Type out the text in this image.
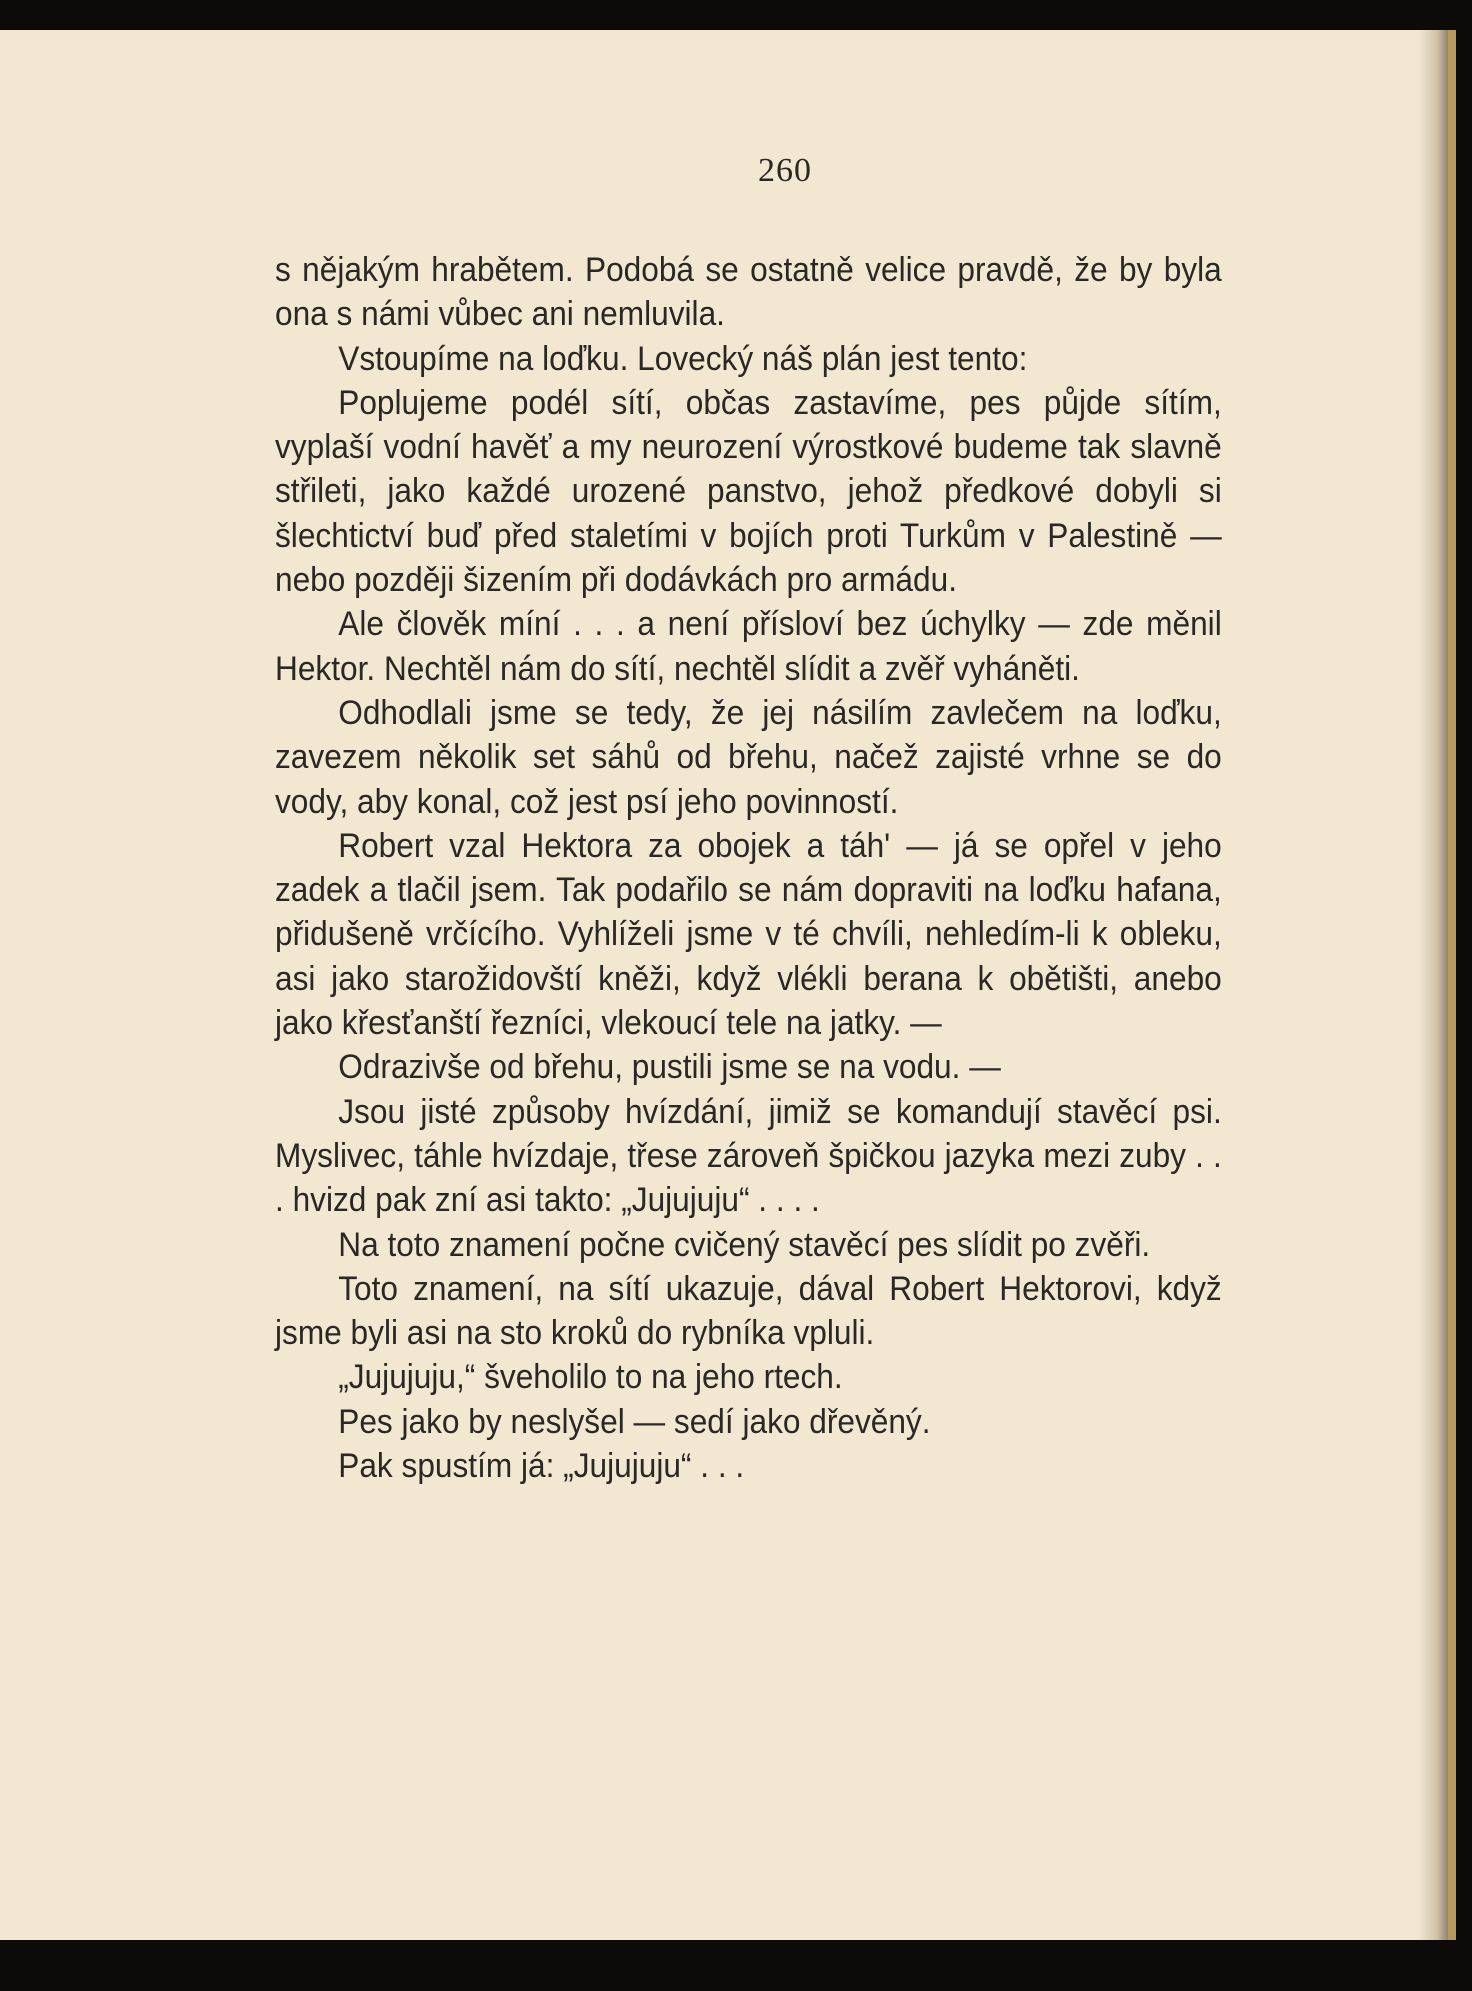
260

s nějakým hrabětem. Podobá se ostatně velice pravdě, že by byla ona s námi vůbec ani nemluvila.

Vstoupíme na loďku. Lovecký náš plán jest tento:

Poplujeme podél sítí, občas zastavíme, pes půjde sítím, vyplaší vodní havěť a my neurození výrostkové budeme tak slavně střileti, jako každé urozené panstvo, jehož předkové dobyli si šlechtictví buď před staletími v bojích proti Turkům v Palestině — nebo později šizením při dodávkách pro armádu.

Ale člověk míní . . . a není přísloví bez úchylky — zde měnil Hektor. Nechtěl nám do sítí, nechtěl slídit a zvěř vyháněti.

Odhodlali jsme se tedy, že jej násilím zavlečem na loďku, zavezem několik set sáhů od břehu, načež zajisté vrhne se do vody, aby konal, což jest psí jeho povinností.

Robert vzal Hektora za obojek a táh' — já se opřel v jeho zadek a tlačil jsem. Tak podařilo se nám dopraviti na loďku hafana, přidušeně vrčícího. Vyhlíželi jsme v té chvíli, nehledím-li k obleku, asi jako starožidovští kněži, když vlékli berana k obětišti, anebo jako křesťanští řezníci, vlekoucí tele na jatky. —

Odrazivše od břehu, pustili jsme se na vodu. —

Jsou jisté způsoby hvízdání, jimiž se komandují stavěcí psi. Myslivec, táhle hvízdaje, třese zároveň špičkou jazyka mezi zuby . . . hvizd pak zní asi takto: „Jujujuju“ . . . .

Na toto znamení počne cvičený stavěcí pes slídit po zvěři.

Toto znamení, na sítí ukazuje, dával Robert Hektorovi, když jsme byli asi na sto kroků do rybníka vpluli.

„Jujujuju,“ šveholilo to na jeho rtech.

Pes jako by neslyšel — sedí jako dřevěný.

Pak spustím já: „Jujujuju“ . . .
